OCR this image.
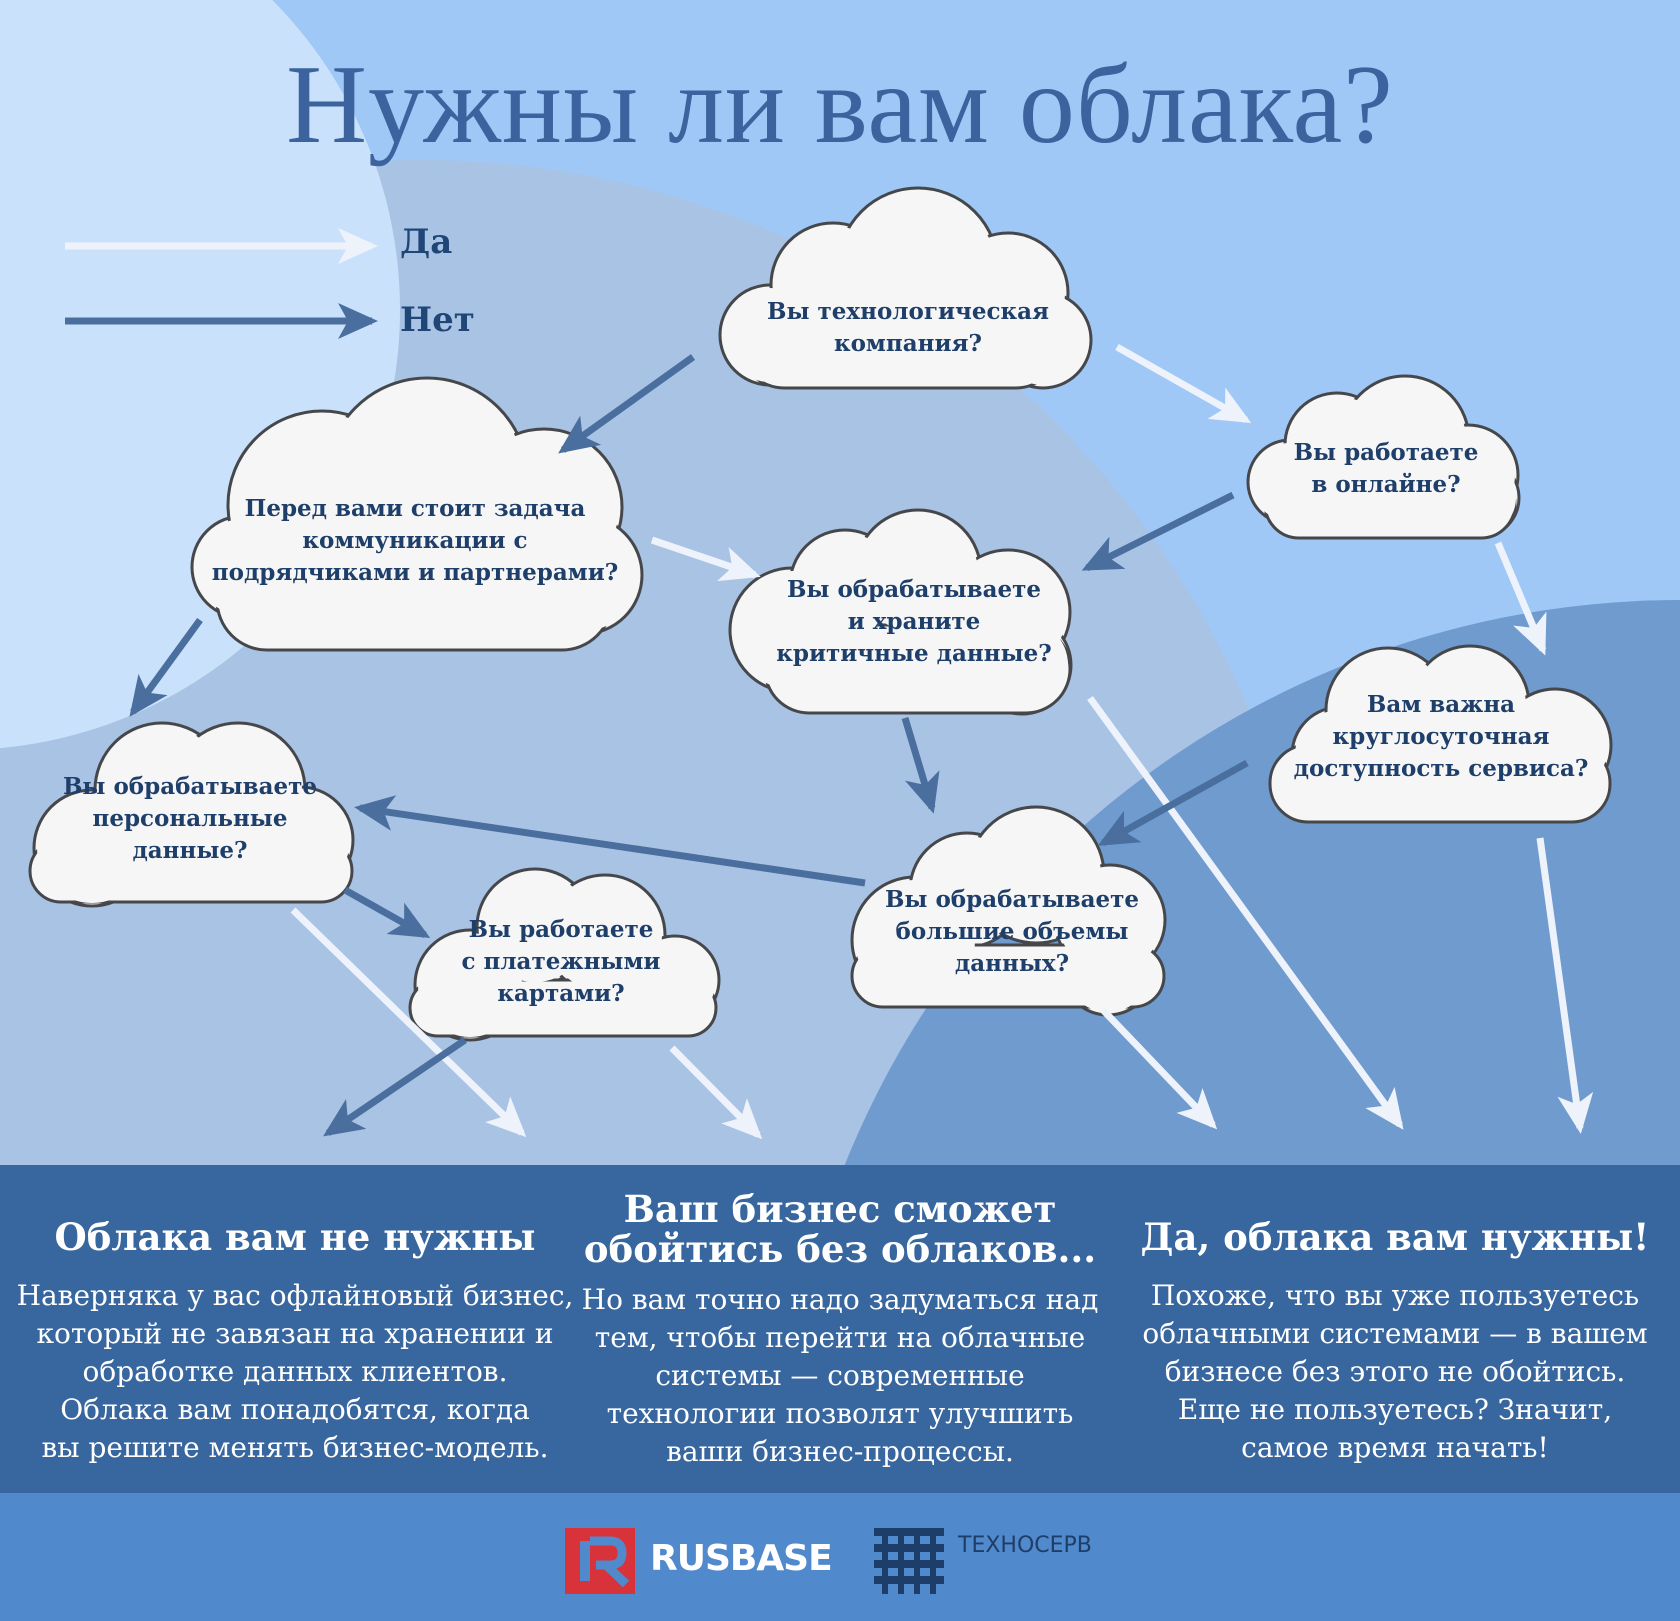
Нужны ли вам облака?
Да
Нет	Вы технологическая
компания?
Перед вами стоит задача
коммуникации с
подрядчиками и партнерами?
Вы работаете
в онлайне?
Вы обрабатываете
и храните
критичные данные?
Вам важна
круглосуточная
доступность сервиса?
Вы обрабатывае​те
персональные
данные?
Вы обрабатываете
большие объемы
данных?
Вы работаете
с платежными
картами?
Облака вам не нужны
Наверняка у вас офлайновый бизнес,
который не завязан на хранении и
обработке данных клиентов.
Облака вам понадобятся, когда
вы решите менять бизнес-модель.
Ваш бизнес сможет
обойтись без облаков...
Но вам точно надо задуматься над
тем, чтобы перейти на облачные
системы — современные
технологии позволят улучшить
ваши бизнес-процессы.
Да, облака вам нужны!
Похоже, что вы уже пользуетесь
облачными системами — в вашем
бизнесе без этого не обойтись.
Еще не пользуетесь? Значит,
самое время начать!
RUSBASE	ТЕХНОСЕРВ
